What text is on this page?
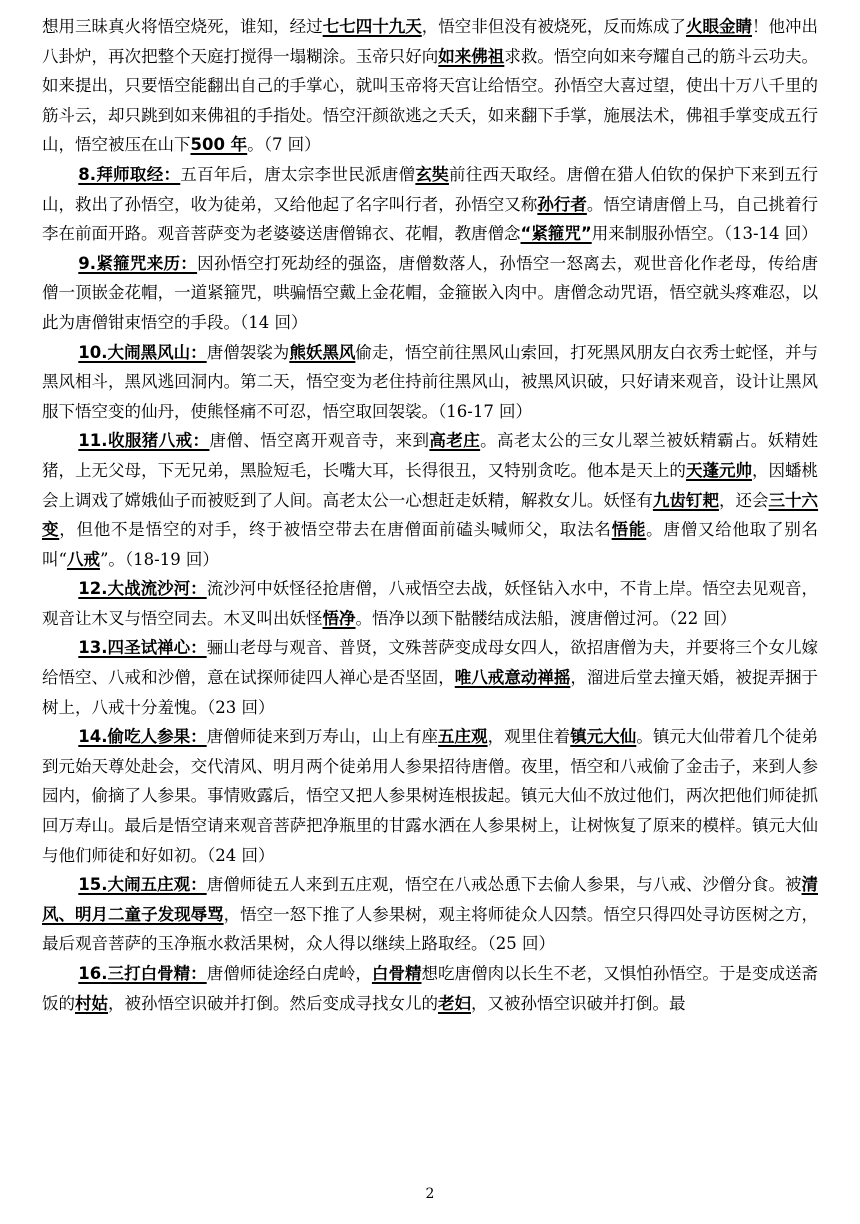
想用三昧真火将悟空烧死，谁知，经过七七四十九天，悟空非但没有被烧死，反而炼成了火眼金睛！他冲出八卦炉，再次把整个天庭打搅得一塌糊涂。玉帝只好向如来佛祖求救。悟空向如来夸耀自己的筋斗云功夫。如来提出，只要悟空能翻出自己的手掌心，就叫玉帝将天宫让给悟空。孙悟空大喜过望，使出十万八千里的筋斗云，却只跳到如来佛祖的手指处。悟空汗颜欲逃之夭夭，如来翻下手掌，施展法术，佛祖手掌变成五行山，悟空被压在山下500 年。（7 回）

8.拜师取经：五百年后，唐太宗李世民派唐僧玄奘前往西天取经。唐僧在猎人伯钦的保护下来到五行山，救出了孙悟空，收为徒弟，又给他起了名字叫行者，孙悟空又称孙行者。悟空请唐僧上马，自己挑着行李在前面开路。观音菩萨变为老婆婆送唐僧锦衣、花帽，教唐僧念“紧箍咒”用来制服孙悟空。（13-14 回）

9.紧箍咒来历：因孙悟空打死劫经的强盗，唐僧数落人，孙悟空一怒离去，观世音化作老母，传给唐僧一顶嵌金花帽，一道紧箍咒，哄骗悟空戴上金花帽，金箍嵌入肉中。唐僧念动咒语，悟空就头疼难忍，以此为唐僧钳束悟空的手段。（14 回）

10.大闹黑风山：唐僧袈裟为熊妖黑风偷走，悟空前往黑风山索回，打死黑风朋友白衣秀士蛇怪，并与黑风相斗，黑风逃回洞内。第二天，悟空变为老住持前往黑风山，被黑风识破，只好请来观音，设计让黑风服下悟空变的仙丹，使熊怪痛不可忍，悟空取回袈裟。（16-17 回）

11.收服猪八戒：唐僧、悟空离开观音寺，来到高老庄。高老太公的三女儿翠兰被妖精霸占。妖精姓猪，上无父母，下无兄弟，黑脸短毛，长嘴大耳，长得很丑，又特别贪吃。他本是天上的天蓬元帅，因蟠桃会上调戏了嫦娥仙子而被贬到了人间。高老太公一心想赶走妖精，解救女儿。妖怪有九齿钉耙，还会三十六变，但他不是悟空的对手，终于被悟空带去在唐僧面前磕头喊师父，取法名悟能。唐僧又给他取了别名叫“八戒”。（18-19 回）

12.大战流沙河：流沙河中妖怪径抢唐僧，八戒悟空去战，妖怪钻入水中，不肯上岸。悟空去见观音，观音让木叉与悟空同去。木叉叫出妖怪悟净。悟净以颈下骷髅结成法船，渡唐僧过河。（22 回）

13.四圣试禅心：骊山老母与观音、普贤，文殊菩萨变成母女四人，欲招唐僧为夫，并要将三个女儿嫁给悟空、八戒和沙僧，意在试探师徒四人禅心是否坚固，唯八戒意动禅摇，溜进后堂去撞天婚，被捉弄捆于树上，八戒十分羞愧。（23 回）

14.偷吃人参果：唐僧师徒来到万寿山，山上有座五庄观，观里住着镇元大仙。镇元大仙带着几个徒弟到元始天尊处赴会，交代清风、明月两个徒弟用人参果招待唐僧。夜里，悟空和八戒偷了金击子，来到人参园内，偷摘了人参果。事情败露后，悟空又把人参果树连根拔起。镇元大仙不放过他们，两次把他们师徒抓回万寿山。最后是悟空请来观音菩萨把净瓶里的甘露水洒在人参果树上，让树恢复了原来的模样。镇元大仙与他们师徒和好如初。（24 回）

15.大闹五庄观：唐僧师徒五人来到五庄观，悟空在八戒怂恿下去偷人参果，与八戒、沙僧分食。被清风、明月二童子发现辱骂，悟空一怒下推了人参果树，观主将师徒众人囚禁。悟空只得四处寻访医树之方，最后观音菩萨的玉净瓶水救活果树，众人得以继续上路取经。（25 回）

16.三打白骨精：唐僧师徒途经白虎岭，白骨精想吃唐僧肉以长生不老，又惧怕孙悟空。于是变成送斋饭的村姑，被孙悟空识破并打倒。然后变成寻找女儿的老妇，又被孙悟空识破并打倒。最

2
